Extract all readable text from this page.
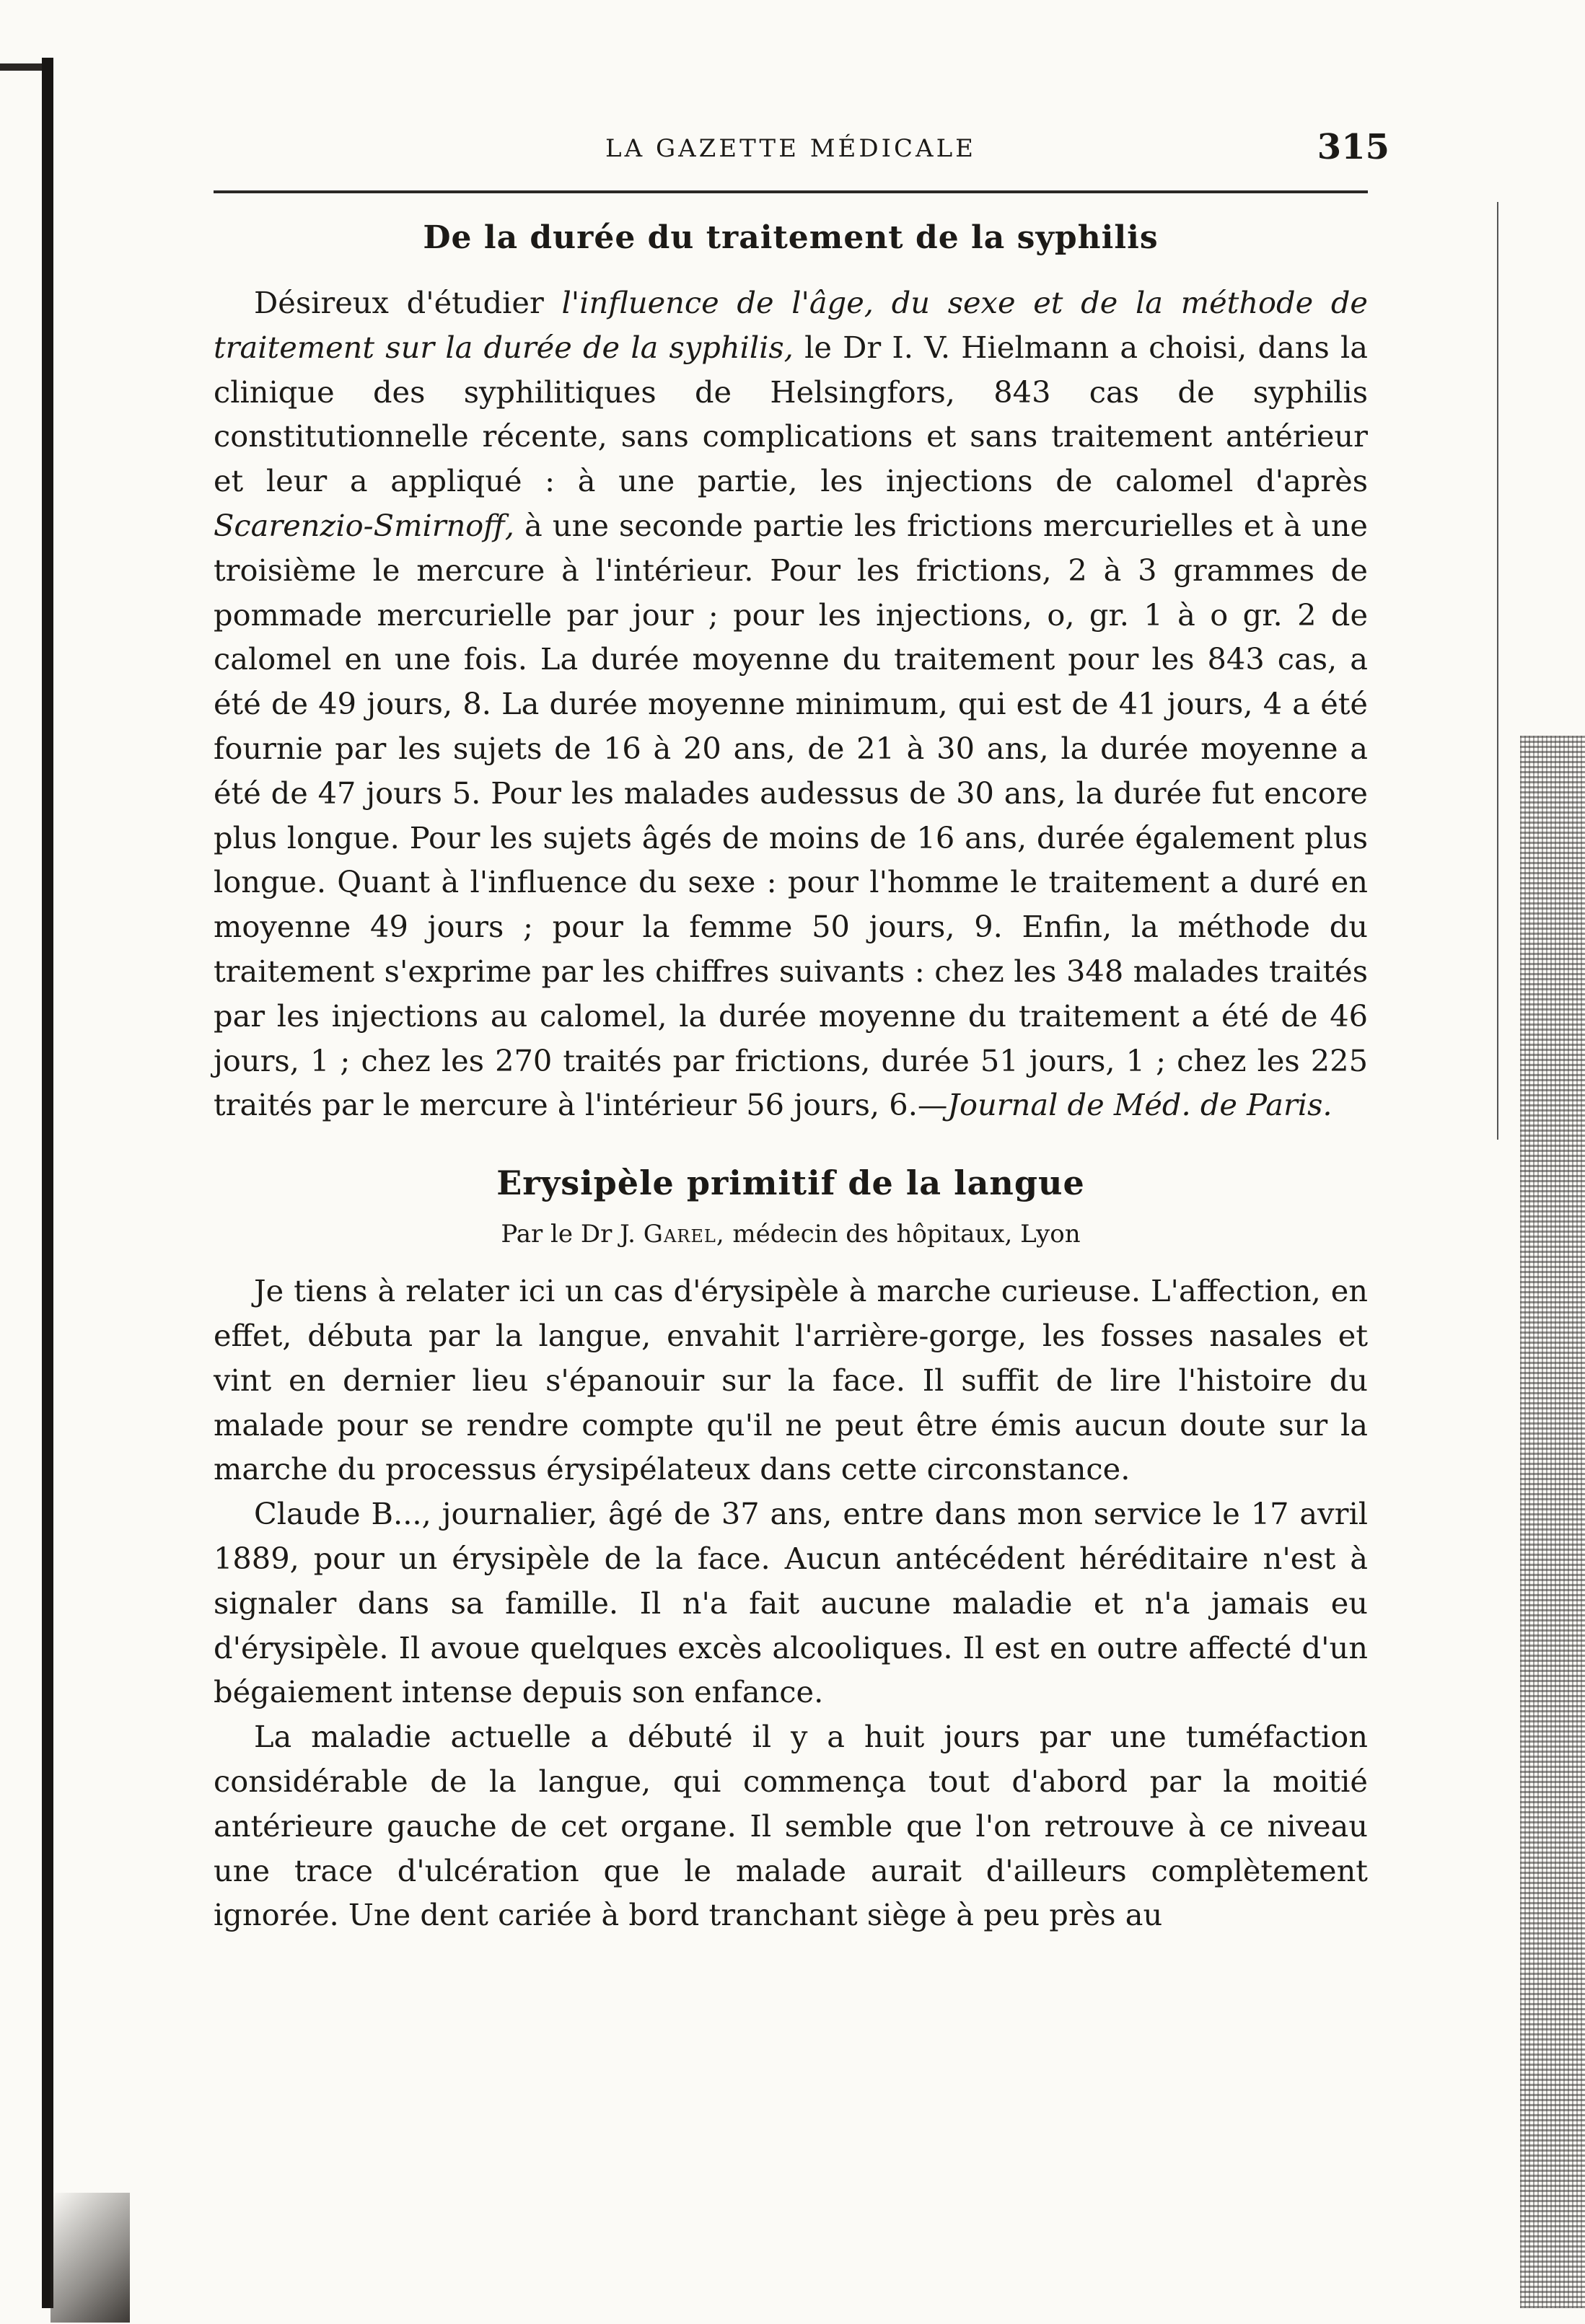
LA GAZETTE MÉDICALE	315
De la durée du traitement de la syphilis

Désireux d'étudier l'influence de l'âge, du sexe et de la méthode de traitement sur la durée de la syphilis, le Dr I. V. Hielmann a choisi, dans la clinique des syphilitiques de Helsingfors, 843 cas de syphilis constitutionnelle récente, sans complications et sans traitement antérieur et leur a appliqué : à une partie, les injections de calomel d'après Scarenzio-Smirnoff, à une seconde partie les frictions mercurielles et à une troisième le mercure à l'intérieur. Pour les frictions, 2 à 3 grammes de pommade mercurielle par jour ; pour les injections, o, gr. 1 à o gr. 2 de calomel en une fois. La durée moyenne du traitement pour les 843 cas, a été de 49 jours, 8. La durée moyenne minimum, qui est de 41 jours, 4 a été fournie par les sujets de 16 à 20 ans, de 21 à 30 ans, la durée moyenne a été de 47 jours 5. Pour les malades audessus de 30 ans, la durée fut encore plus longue. Pour les sujets âgés de moins de 16 ans, durée également plus longue. Quant à l'influence du sexe : pour l'homme le traitement a duré en moyenne 49 jours ; pour la femme 50 jours, 9. Enfin, la méthode du traitement s'exprime par les chiffres suivants : chez les 348 malades traités par les injections au calomel, la durée moyenne du traitement a été de 46 jours, 1 ; chez les 270 traités par frictions, durée 51 jours, 1 ; chez les 225 traités par le mercure à l'intérieur 56 jours, 6.—Journal de Méd. de Paris.

Erysipèle primitif de la langue
Par le Dr J. Garel, médecin des hôpitaux, Lyon

Je tiens à relater ici un cas d'érysipèle à marche curieuse. L'affection, en effet, débuta par la langue, envahit l'arrière-gorge, les fosses nasales et vint en dernier lieu s'épanouir sur la face. Il suffit de lire l'histoire du malade pour se rendre compte qu'il ne peut être émis aucun doute sur la marche du processus érysipélateux dans cette circonstance.

Claude B..., journalier, âgé de 37 ans, entre dans mon service le 17 avril 1889, pour un érysipèle de la face. Aucun antécédent héréditaire n'est à signaler dans sa famille. Il n'a fait aucune maladie et n'a jamais eu d'érysipèle. Il avoue quelques excès alcooliques. Il est en outre affecté d'un bégaiement intense depuis son enfance.

La maladie actuelle a débuté il y a huit jours par une tuméfaction considérable de la langue, qui commença tout d'abord par la moitié antérieure gauche de cet organe. Il semble que l'on retrouve à ce niveau une trace d'ulcération que le malade aurait d'ailleurs complètement ignorée. Une dent cariée à bord tranchant siège à peu près au
